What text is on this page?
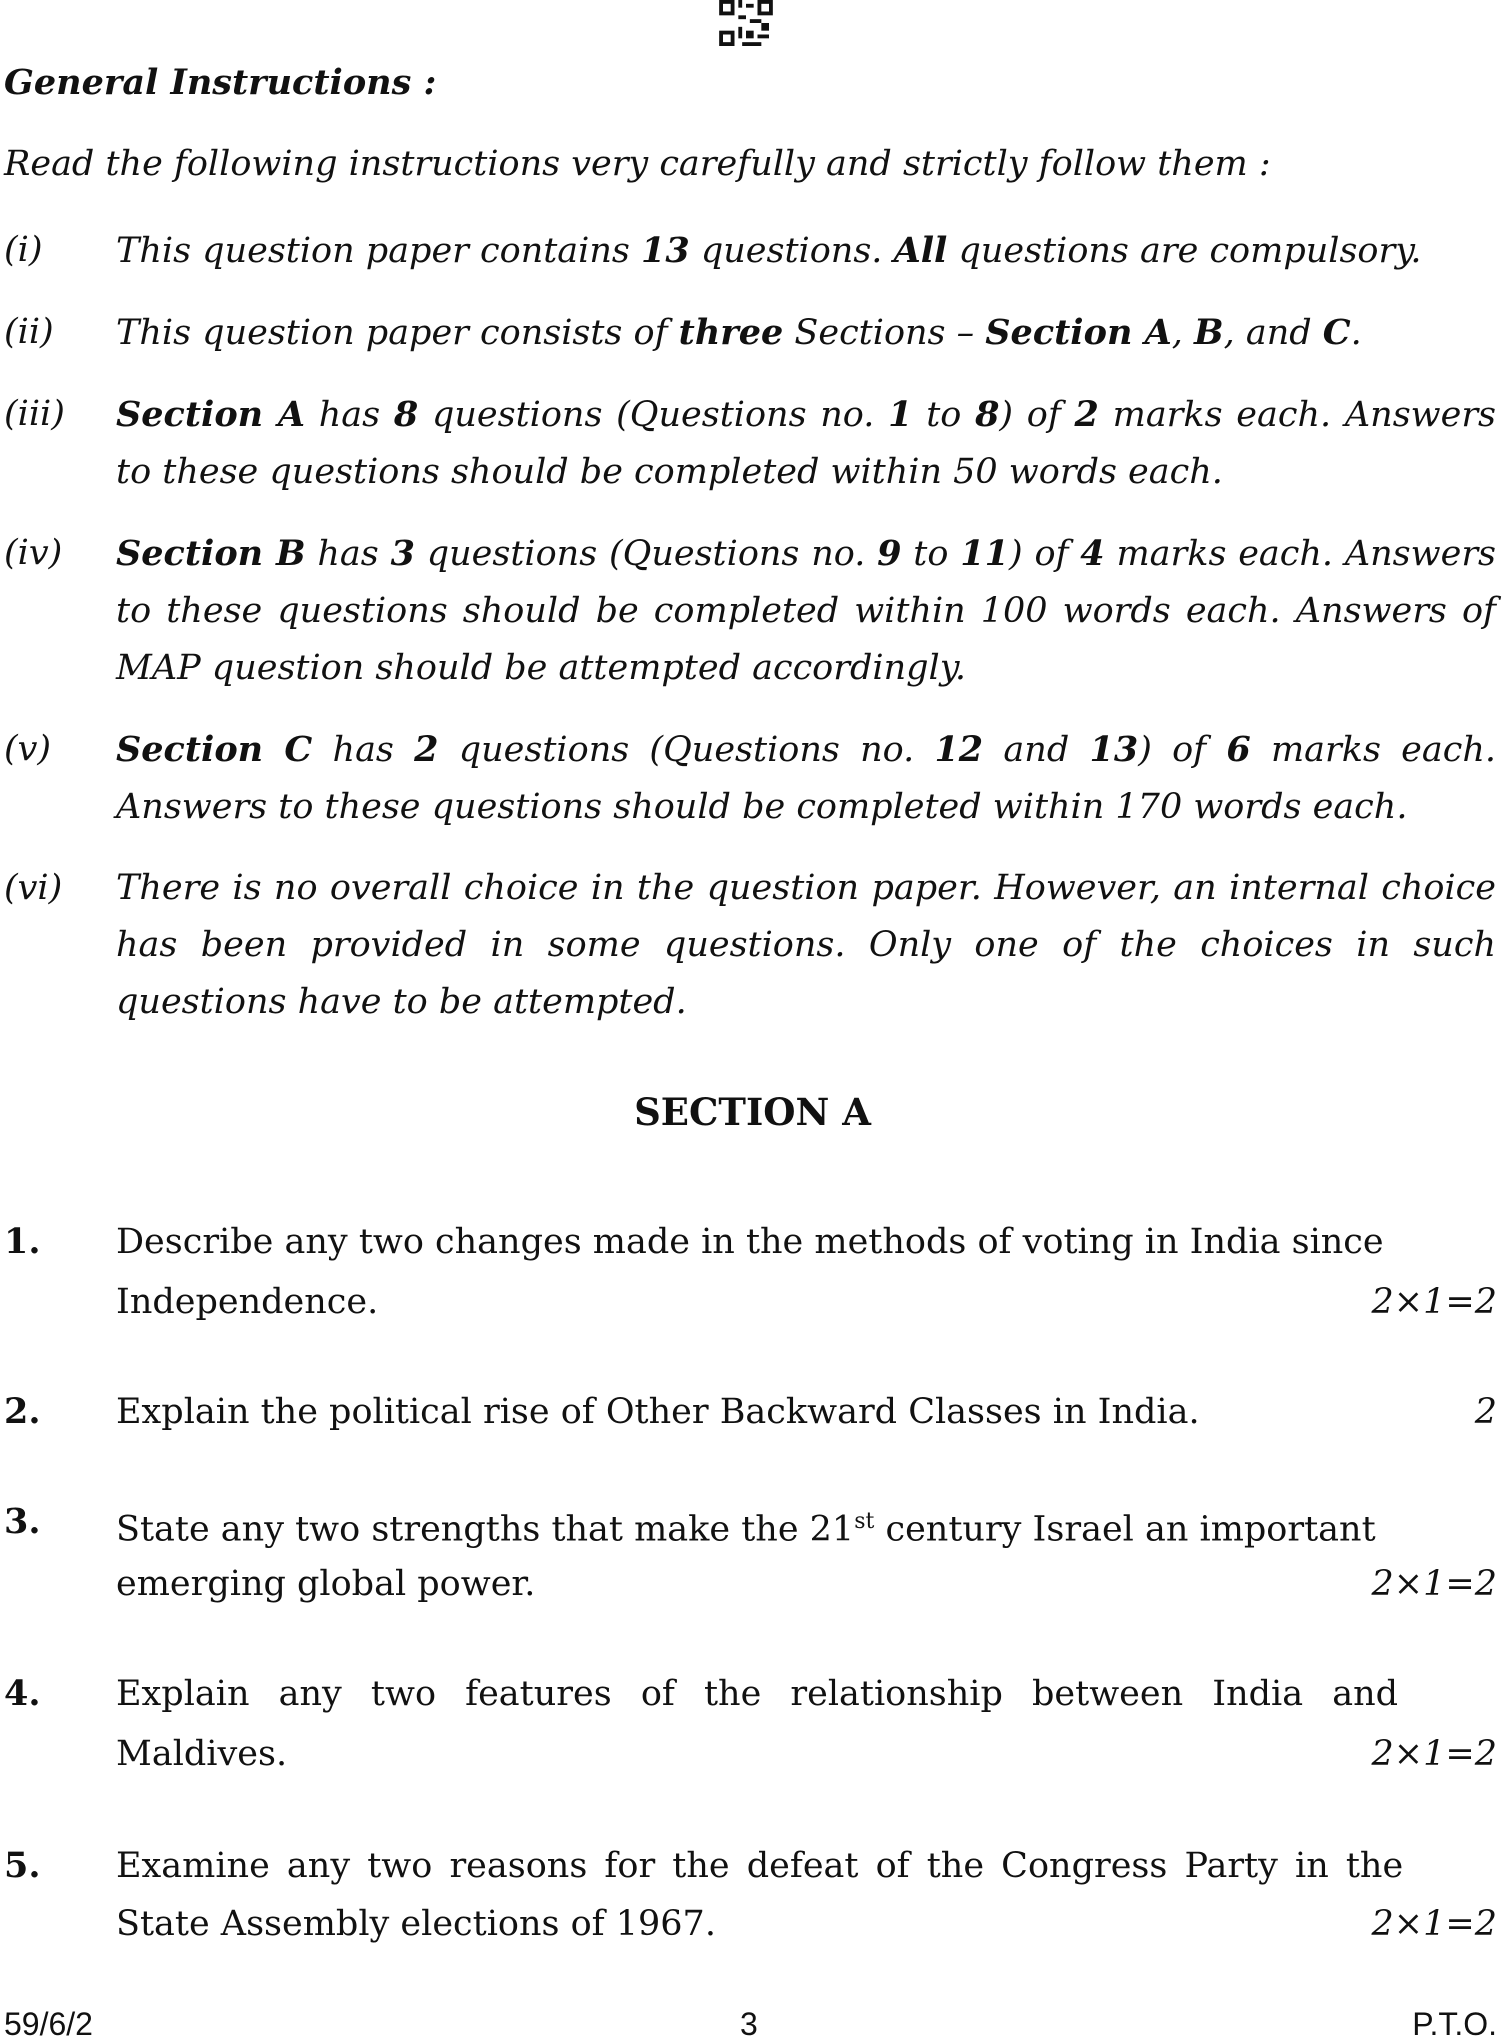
General Instructions :
Read the following instructions very carefully and strictly follow them :
(i) This question paper contains 13 questions. All questions are compulsory.
(ii) This question paper consists of three Sections – Section A, B, and C.
(iii) Section A has 8 questions (Questions no. 1 to 8) of 2 marks each. Answers to these questions should be completed within 50 words each.
(iv) Section B has 3 questions (Questions no. 9 to 11) of 4 marks each. Answers to these questions should be completed within 100 words each. Answers of MAP question should be attempted accordingly.
(v) Section C has 2 questions (Questions no. 12 and 13) of 6 marks each. Answers to these questions should be completed within 170 words each.
(vi) There is no overall choice in the question paper. However, an internal choice has been provided in some questions. Only one of the choices in such questions have to be attempted.
SECTION A
1. Describe any two changes made in the methods of voting in India since
Independence.	2×1=2
2. Explain the political rise of Other Backward Classes in India.	2
3. State any two strengths that make the 21st century Israel an important
emerging global power.	2×1=2
4. Explain any two features of the relationship between India and
Maldives.	2×1=2
5. Examine any two reasons for the defeat of the Congress Party in the
State Assembly elections of 1967.	2×1=2
59/6/2	3	P.T.O.
